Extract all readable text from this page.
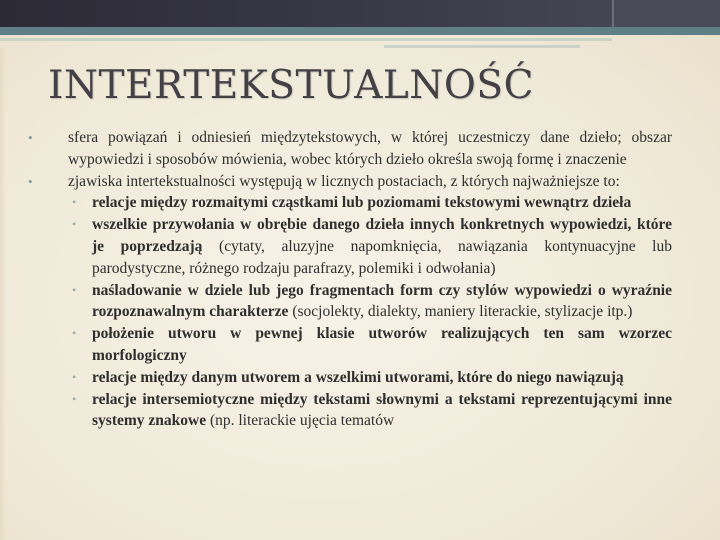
INTERTEKSTUALNOŚĆ
• sfera powiązań i odniesień międzytekstowych, w której uczestniczy dane dzieło; obszar wypowiedzi i sposobów mówienia, wobec których dzieło określa swoją formę i znaczenie
• zjawiska intertekstualności występują w licznych postaciach, z których najważniejsze to:
• relacje między rozmaitymi cząstkami lub poziomami tekstowymi wewnątrz dzieła
• wszelkie przywołania w obrębie danego dzieła innych konkretnych wypowiedzi, które je poprzedzają (cytaty, aluzyjne napomknięcia, nawiązania kontynuacyjne lub parodystyczne, różnego rodzaju parafrazy, polemiki i odwołania)
• naśladowanie w dziele lub jego fragmentach form czy stylów wypowiedzi o wyraźnie rozpoznawalnym charakterze (socjolekty, dialekty, maniery literackie, stylizacje itp.)
• położenie utworu w pewnej klasie utworów realizujących ten sam wzorzec morfologiczny
• relacje między danym utworem a wszelkimi utworami, które do niego nawiązują
• relacje intersemiotyczne między tekstami słownymi a tekstami reprezentującymi inne systemy znakowe (np. literackie ujęcia tematów
